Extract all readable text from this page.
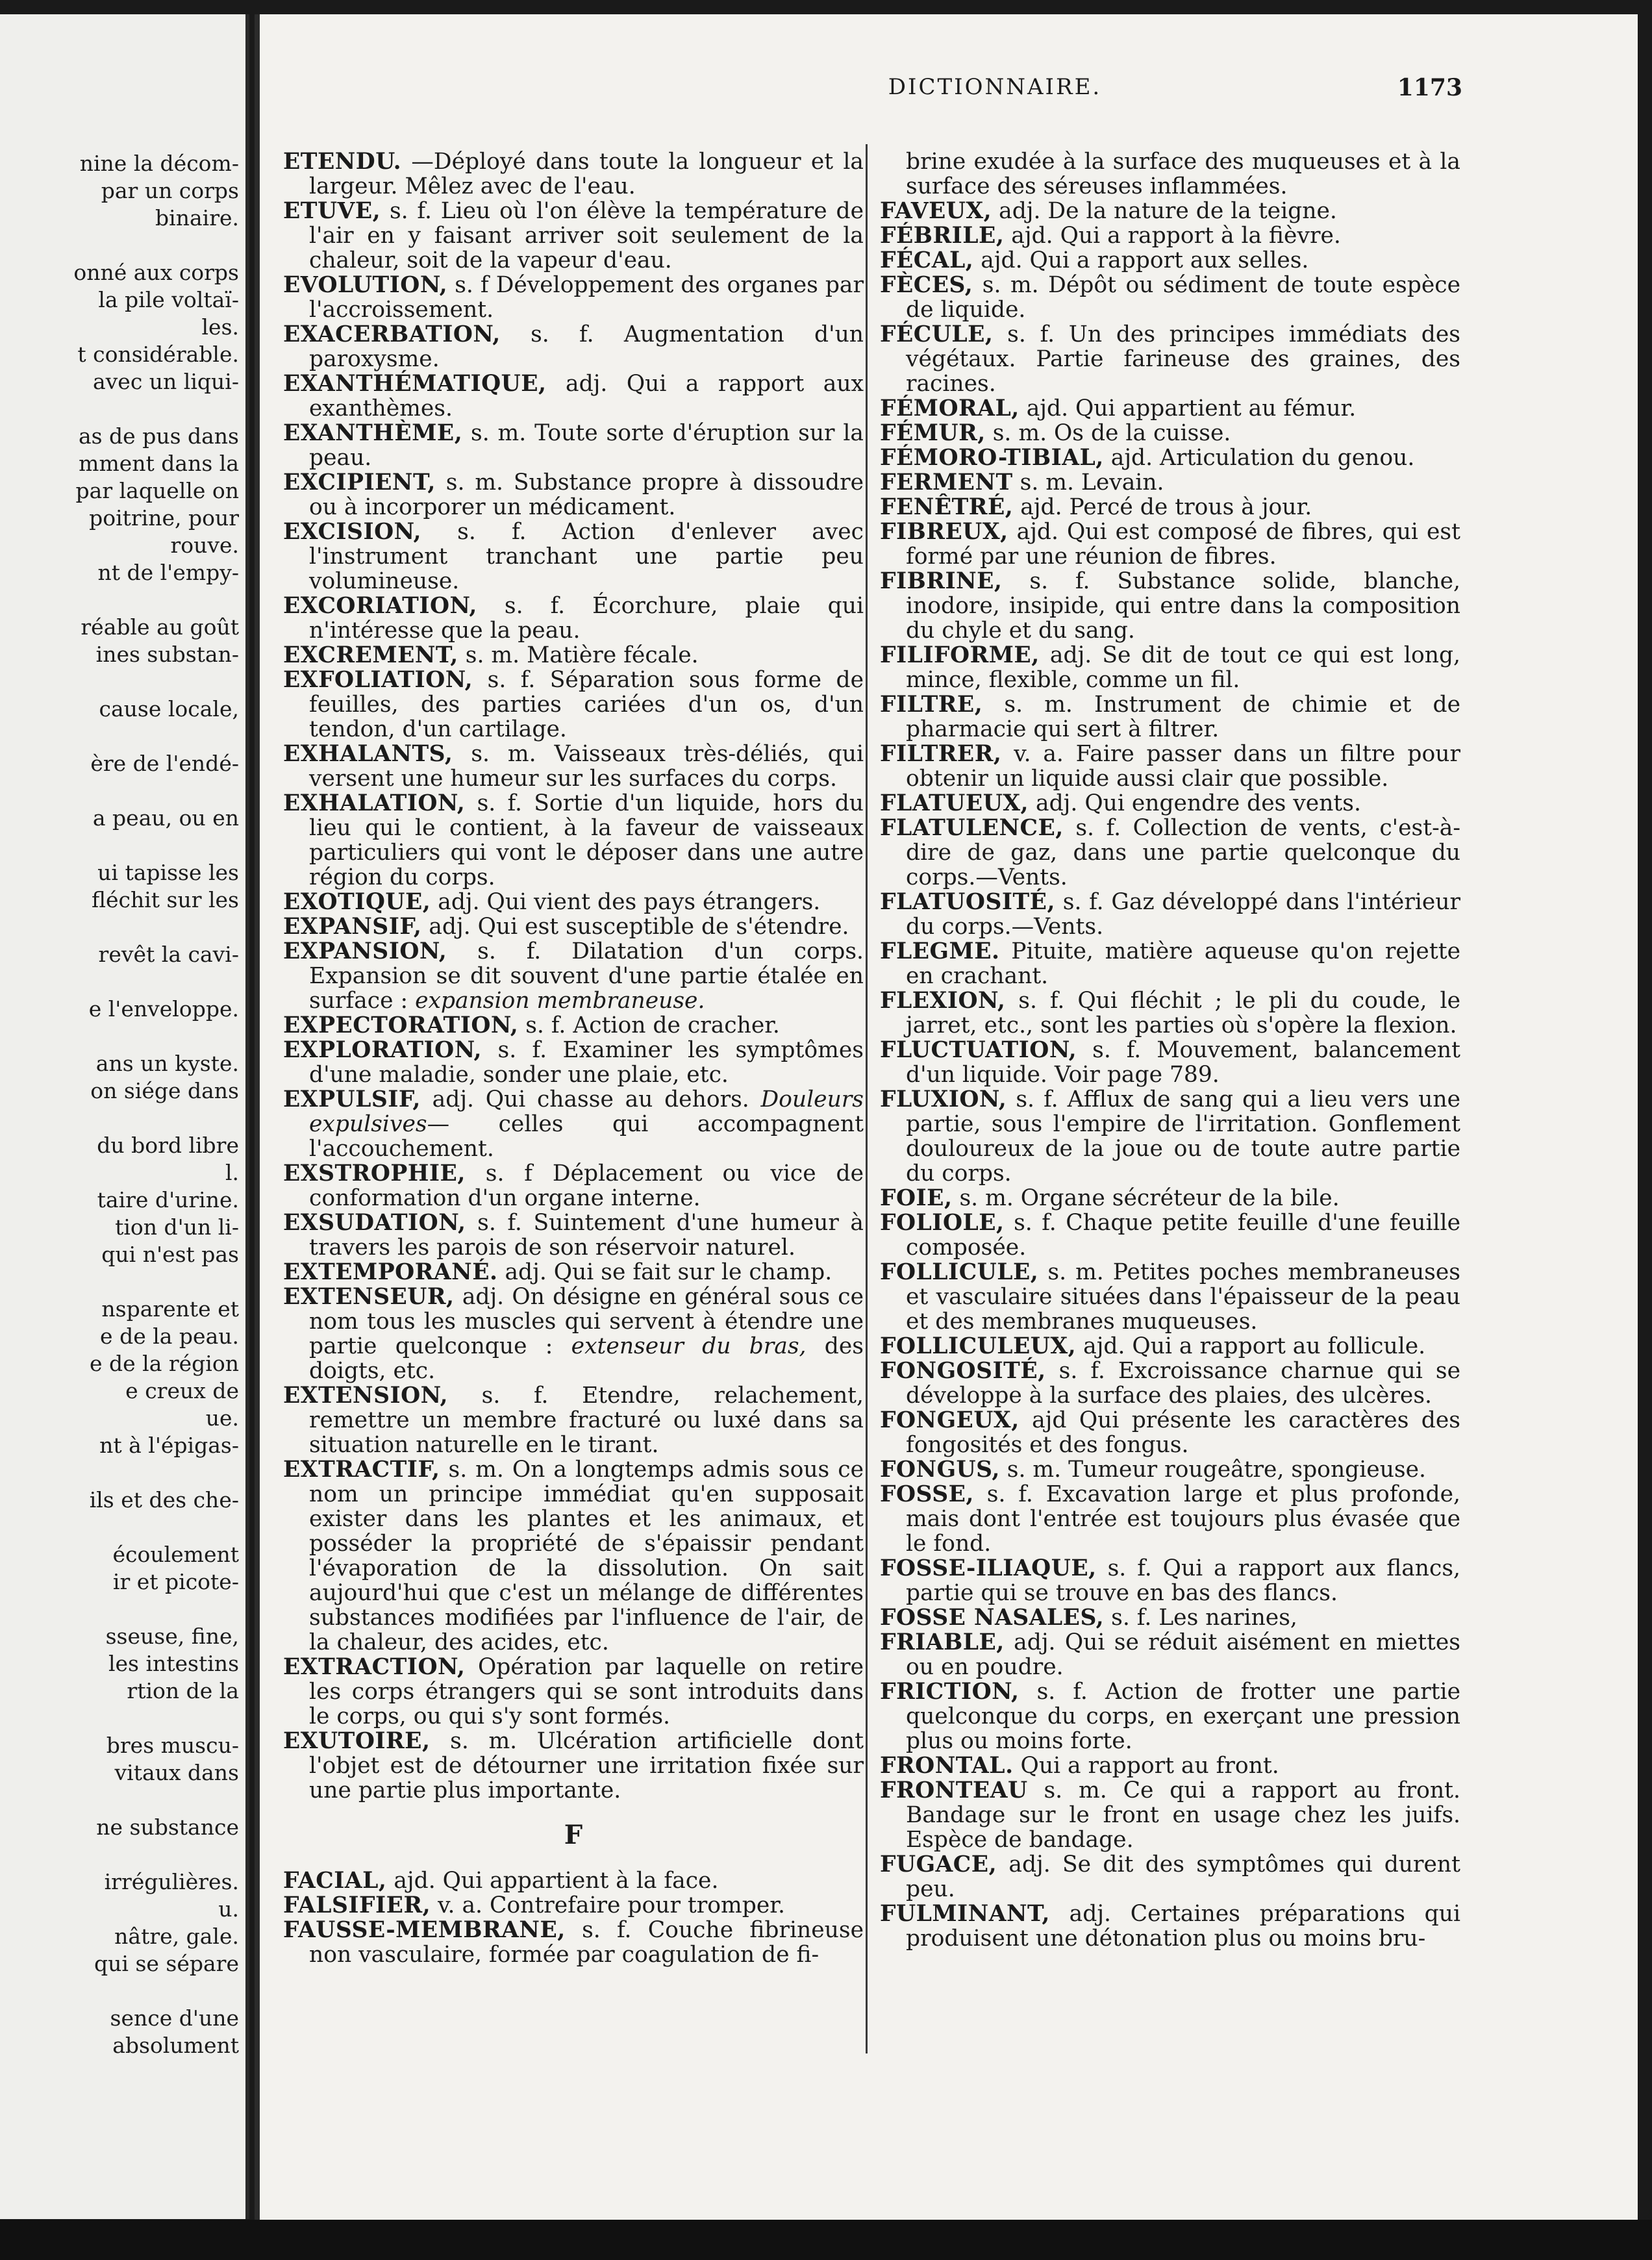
nine la décom-
par un corps
binaire.
onné aux corps
la pile voltaï-
les.
t considérable.
avec un liqui-
as de pus dans
mment dans la
par laquelle on
poitrine, pour
rouve.
nt de l'empy-
réable au goût
ines substan-
cause locale,
ère de l'endé-
a peau, ou en
ui tapisse les
fléchit sur les
revêt la cavi-
e l'enveloppe.
ans un kyste.
on siége dans
du bord libre
l.
taire d'urine.
tion d'un li-
qui n'est pas
nsparente et
e de la peau.
e de la région
e creux de
ue.
nt à l'épigas-
ils et des che-
écoulement
ir et picote-
sseuse, fine,
les intestins
rtion de la
bres muscu-
vitaux dans
ne substance
irrégulières.
u.
nâtre, gale.
qui se sépare
sence d'une
absolument
DICTIONNAIRE.	1173

ETENDU. —Déployé dans toute la longueur et la largeur. Mêlez avec de l'eau.

ETUVE, s. f. Lieu où l'on élève la température de l'air en y faisant arriver soit seulement de la chaleur, soit de la vapeur d'eau.

EVOLUTION, s. f Développement des organes par l'accroissement.

EXACERBATION, s. f. Augmentation d'un paroxysme.

EXANTHÉMATIQUE, adj. Qui a rapport aux exanthèmes.

EXANTHÈME, s. m. Toute sorte d'éruption sur la peau.

EXCIPIENT, s. m. Substance propre à dissoudre ou à incorporer un médicament.

EXCISION, s. f. Action d'enlever avec l'instrument tranchant une partie peu volumineuse.

EXCORIATION, s. f. Écorchure, plaie qui n'intéresse que la peau.

EXCREMENT, s. m. Matière fécale.

EXFOLIATION, s. f. Séparation sous forme de feuilles, des parties cariées d'un os, d'un tendon, d'un cartilage.

EXHALANTS, s. m. Vaisseaux très-déliés, qui versent une humeur sur les surfaces du corps.

EXHALATION, s. f. Sortie d'un liquide, hors du lieu qui le contient, à la faveur de vaisseaux particuliers qui vont le déposer dans une autre région du corps.

EXOTIQUE, adj. Qui vient des pays étrangers.

EXPANSIF, adj. Qui est susceptible de s'étendre.

EXPANSION, s. f. Dilatation d'un corps. Expansion se dit souvent d'une partie étalée en surface : expansion membraneuse.

EXPECTORATION, s. f. Action de cracher.

EXPLORATION, s. f. Examiner les symptômes d'une maladie, sonder une plaie, etc.

EXPULSIF, adj. Qui chasse au dehors. Douleurs expulsives— celles qui accompagnent l'accouchement.

EXSTROPHIE, s. f Déplacement ou vice de conformation d'un organe interne.

EXSUDATION, s. f. Suintement d'une humeur à travers les parois de son réservoir naturel.

EXTEMPORANÉ. adj. Qui se fait sur le champ.

EXTENSEUR, adj. On désigne en général sous ce nom tous les muscles qui servent à étendre une partie quelconque : extenseur du bras, des doigts, etc.

EXTENSION, s. f. Etendre, relachement, remettre un membre fracturé ou luxé dans sa situation naturelle en le tirant.

EXTRACTIF, s. m. On a longtemps admis sous ce nom un principe immédiat qu'en supposait exister dans les plantes et les animaux, et posséder la propriété de s'épaissir pendant l'évaporation de la dissolution. On sait aujourd'hui que c'est un mélange de différentes substances modifiées par l'influence de l'air, de la chaleur, des acides, etc.

EXTRACTION, Opération par laquelle on retire les corps étrangers qui se sont introduits dans le corps, ou qui s'y sont formés.

EXUTOIRE, s. m. Ulcération artificielle dont l'objet est de détourner une irritation fixée sur une partie plus importante.

F

FACIAL, ajd. Qui appartient à la face.

FALSIFIER, v. a. Contrefaire pour tromper.

FAUSSE-MEMBRANE, s. f. Couche fibrineuse non vasculaire, formée par coagulation de fi-

brine exudée à la surface des muqueuses et à la surface des séreuses inflammées.

FAVEUX, adj. De la nature de la teigne.

FÉBRILE, ajd. Qui a rapport à la fièvre.

FÉCAL, ajd. Qui a rapport aux selles.

FÈCES, s. m. Dépôt ou sédiment de toute espèce de liquide.

FÉCULE, s. f. Un des principes immédiats des végétaux. Partie farineuse des graines, des racines.

FÉMORAL, ajd. Qui appartient au fémur.

FÉMUR, s. m. Os de la cuisse.

FÉMORO-TIBIAL, ajd. Articulation du genou.

FERMENT s. m. Levain.

FENÊTRÉ, ajd. Percé de trous à jour.

FIBREUX, ajd. Qui est composé de fibres, qui est formé par une réunion de fibres.

FIBRINE, s. f. Substance solide, blanche, inodore, insipide, qui entre dans la composition du chyle et du sang.

FILIFORME, adj. Se dit de tout ce qui est long, mince, flexible, comme un fil.

FILTRE, s. m. Instrument de chimie et de pharmacie qui sert à filtrer.

FILTRER, v. a. Faire passer dans un filtre pour obtenir un liquide aussi clair que possible.

FLATUEUX, adj. Qui engendre des vents.

FLATULENCE, s. f. Collection de vents, c'est-à-dire de gaz, dans une partie quelconque du corps.—Vents.

FLATUOSITÉ, s. f. Gaz développé dans l'intérieur du corps.—Vents.

FLEGME. Pituite, matière aqueuse qu'on rejette en crachant.

FLEXION, s. f. Qui fléchit ; le pli du coude, le jarret, etc., sont les parties où s'opère la flexion.

FLUCTUATION, s. f. Mouvement, balancement d'un liquide. Voir page 789.

FLUXION, s. f. Afflux de sang qui a lieu vers une partie, sous l'empire de l'irritation. Gonflement douloureux de la joue ou de toute autre partie du corps.

FOIE, s. m. Organe sécréteur de la bile.

FOLIOLE, s. f. Chaque petite feuille d'une feuille composée.

FOLLICULE, s. m. Petites poches membraneuses et vasculaire situées dans l'épaisseur de la peau et des membranes muqueuses.

FOLLICULEUX, ajd. Qui a rapport au follicule.

FONGOSITÉ, s. f. Excroissance charnue qui se développe à la surface des plaies, des ulcères.

FONGEUX, ajd Qui présente les caractères des fongosités et des fongus.

FONGUS, s. m. Tumeur rougeâtre, spongieuse.

FOSSE, s. f. Excavation large et plus profonde, mais dont l'entrée est toujours plus évasée que le fond.

FOSSE-ILIAQUE, s. f. Qui a rapport aux flancs, partie qui se trouve en bas des flancs.

FOSSE NASALES, s. f. Les narines,

FRIABLE, adj. Qui se réduit aisément en miettes ou en poudre.

FRICTION, s. f. Action de frotter une partie quelconque du corps, en exerçant une pression plus ou moins forte.

FRONTAL. Qui a rapport au front.

FRONTEAU s. m. Ce qui a rapport au front. Bandage sur le front en usage chez les juifs. Espèce de bandage.

FUGACE, adj. Se dit des symptômes qui durent peu.

FULMINANT, adj. Certaines préparations qui produisent une détonation plus ou moins bru-
